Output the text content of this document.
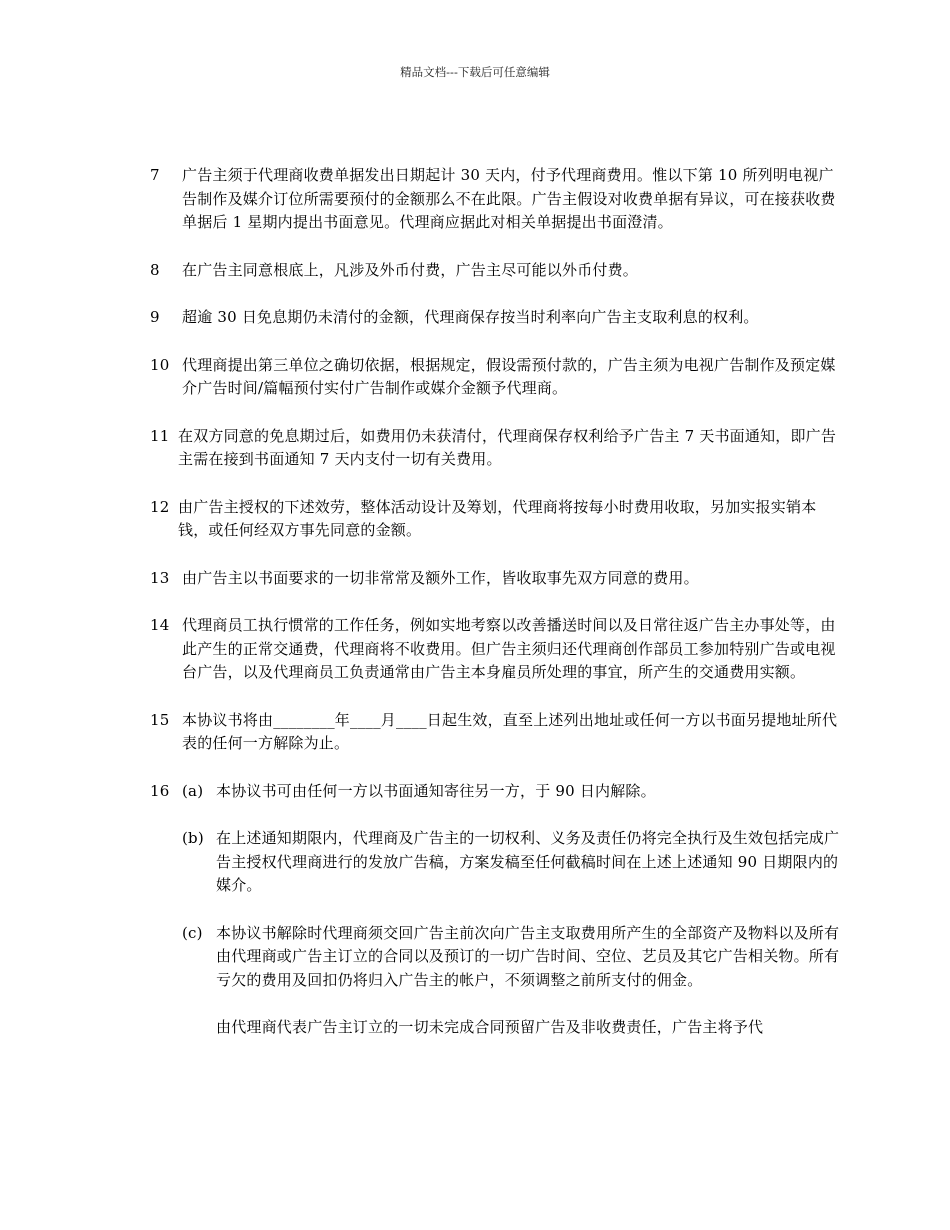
精品文档---下载后可任意编辑
7	广告主须于代理商收费单据发出日期起计 30 天内，付予代理商费用。惟以下第 10 所列明电视广告制作及媒介订位所需要预付的金额那么不在此限。广告主假设对收费单据有异议，可在接获收费单据后 1 星期内提出书面意见。代理商应据此对相关单据提出书面澄清。
8	在广告主同意根底上，凡涉及外币付费，广告主尽可能以外币付费。
9	超逾 30 日免息期仍未清付的金额，代理商保存按当时利率向广告主支取利息的权利。
10 代理商提出第三单位之确切依据，根据规定，假设需预付款的，广告主须为电视广告制作及预定媒介广告时间/篇幅预付实付广告制作或媒介金额予代理商。
11 在双方同意的免息期过后，如费用仍未获清付，代理商保存权利给予广告主 7 天书面通知，即广告主需在接到书面通知 7 天内支付一切有关费用。
12 由广告主授权的下述效劳，整体活动设计及筹划，代理商将按每小时费用收取，另加实报实销本钱，或任何经双方事先同意的金额。
13 由广告主以书面要求的一切非常常及额外工作，皆收取事先双方同意的费用。
14 代理商员工执行惯常的工作任务，例如实地考察以改善播送时间以及日常往返广告主办事处等，由此产生的正常交通费，代理商将不收费用。但广告主须归还代理商创作部员工参加特别广告或电视台广告，以及代理商员工负责通常由广告主本身雇员所处理的事宜，所产生的交通费用实额。
15 本协议书将由________年____月____日起生效，直至上述列出地址或任何一方以书面另提地址所代表的任何一方解除为止。
16 (a) 本协议书可由任何一方以书面通知寄往另一方，于 90 日内解除。
(b) 在上述通知期限内，代理商及广告主的一切权利、义务及责任仍将完全执行及生效包括完成广告主授权代理商进行的发放广告稿，方案发稿至任何截稿时间在上述上述通知 90 日期限内的媒介。
(c) 本协议书解除时代理商须交回广告主前次向广告主支取费用所产生的全部资产及物料以及所有由代理商或广告主订立的合同以及预订的一切广告时间、空位、艺员及其它广告相关物。所有亏欠的费用及回扣仍将归入广告主的帐户，不须调整之前所支付的佣金。
由代理商代表广告主订立的一切未完成合同预留广告及非收费责任，广告主将予代
